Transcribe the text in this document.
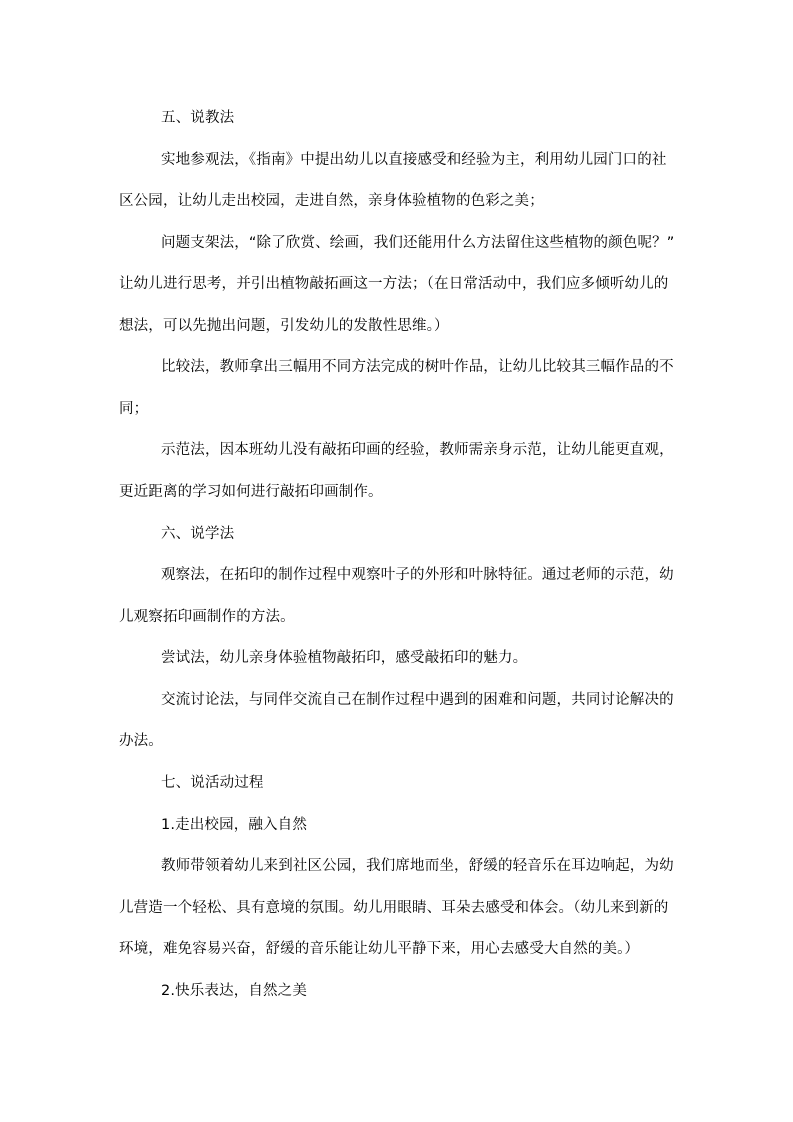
五、说教法
实地参观法，《指南》中提出幼儿以直接感受和经验为主，利用幼儿园门口的社
区公园，让幼儿走出校园，走进自然，亲身体验植物的色彩之美；
问题支架法，“除了欣赏、绘画，我们还能用什么方法留住这些植物的颜色呢？”
让幼儿进行思考，并引出植物敲拓画这一方法；（在日常活动中，我们应多倾听幼儿的
想法，可以先抛出问题，引发幼儿的发散性思维。）
比较法，教师拿出三幅用不同方法完成的树叶作品，让幼儿比较其三幅作品的不
同；
示范法，因本班幼儿没有敲拓印画的经验，教师需亲身示范，让幼儿能更直观，
更近距离的学习如何进行敲拓印画制作。
六、说学法
观察法，在拓印的制作过程中观察叶子的外形和叶脉特征。通过老师的示范，幼
儿观察拓印画制作的方法。
尝试法，幼儿亲身体验植物敲拓印，感受敲拓印的魅力。
交流讨论法，与同伴交流自己在制作过程中遇到的困难和问题，共同讨论解决的
办法。
七、说活动过程
1.走出校园，融入自然
教师带领着幼儿来到社区公园，我们席地而坐，舒缓的轻音乐在耳边响起，为幼
儿营造一个轻松、具有意境的氛围。幼儿用眼睛、耳朵去感受和体会。（幼儿来到新的
环境，难免容易兴奋，舒缓的音乐能让幼儿平静下来，用心去感受大自然的美。）
2.快乐表达，自然之美
